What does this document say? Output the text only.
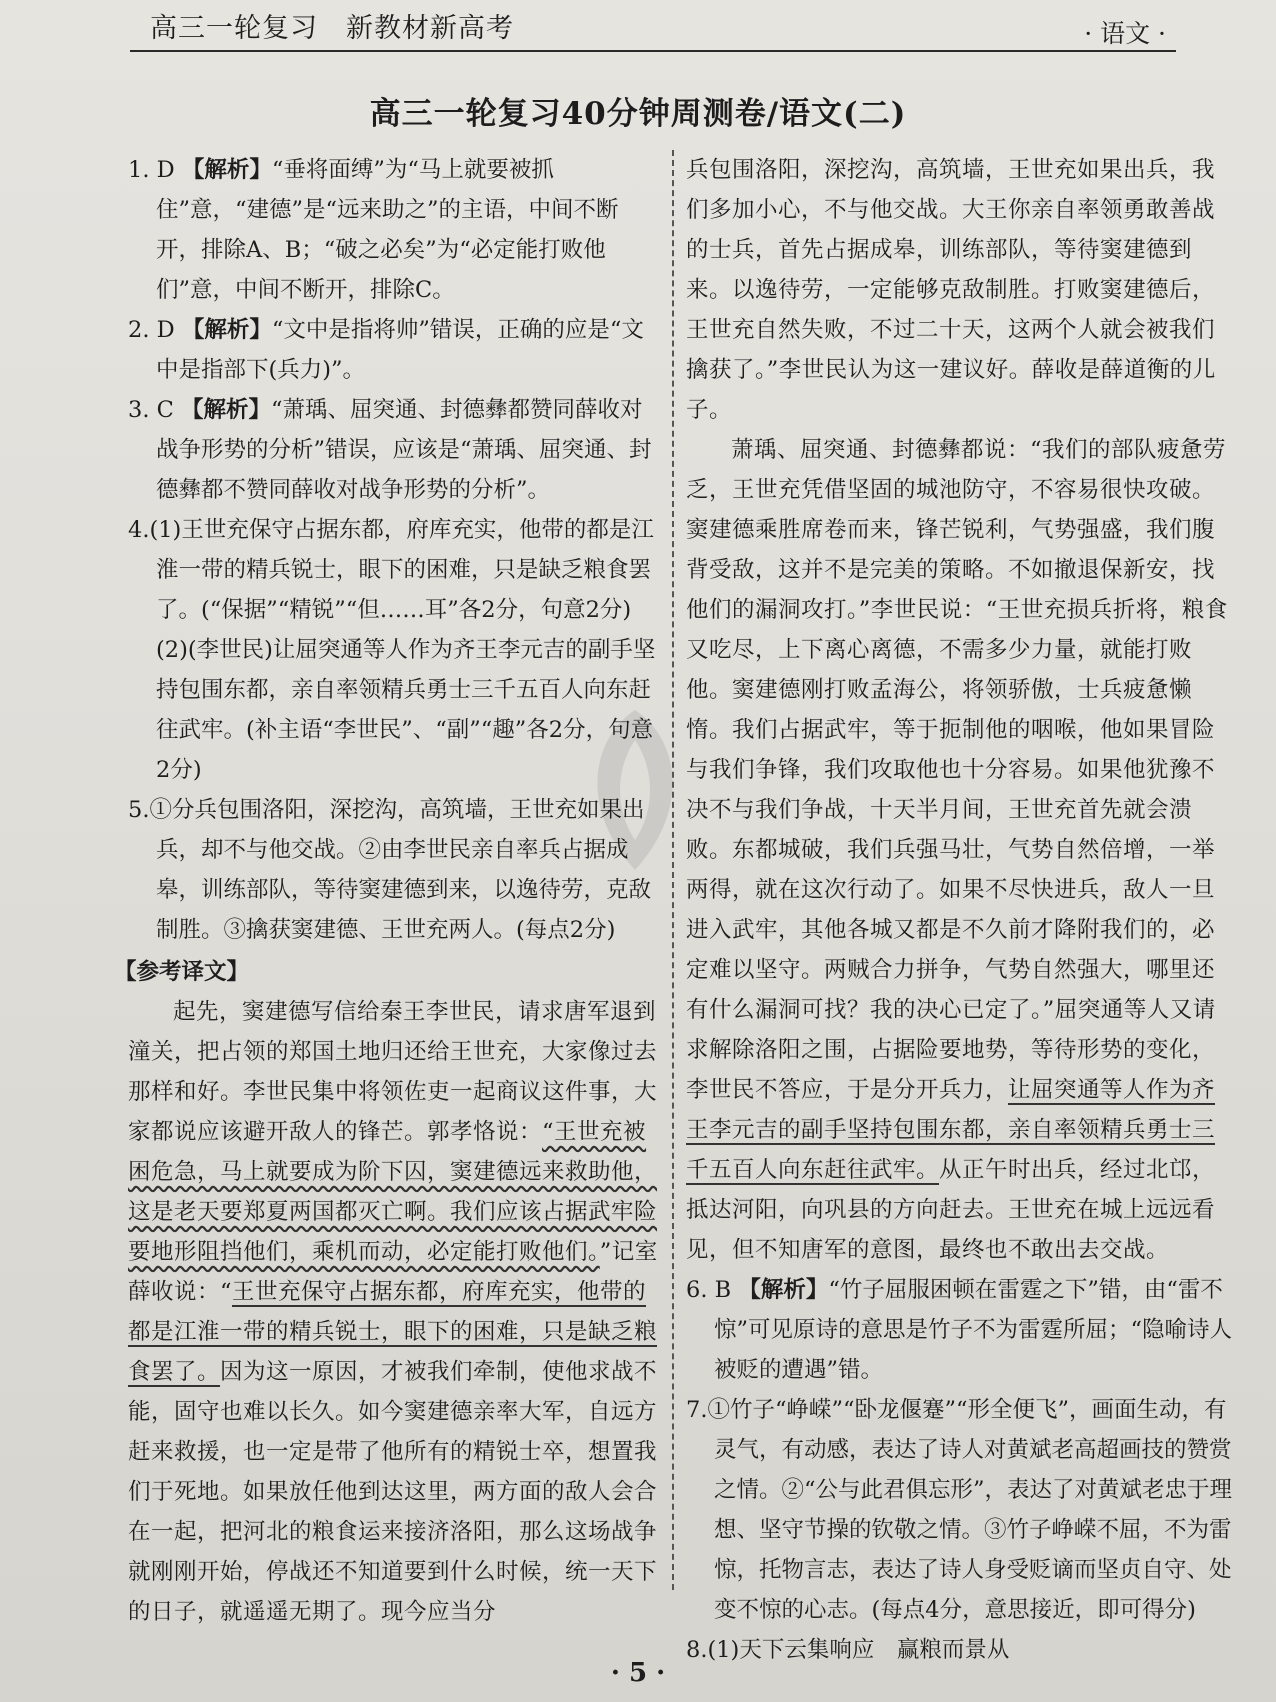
高三一轮复习　新教材新高考	· 语文 ·
高三一轮复习40分钟周测卷/语文(二)

1. D 【解析】“垂将面缚”为“马上就要被抓住”意，“建德”是“远来助之”的主语，中间不断开，排除A、B；“破之必矣”为“必定能打败他们”意，中间不断开，排除C。

2. D 【解析】“文中是指将帅”错误，正确的应是“文中是指部下(兵力)”。

3. C 【解析】“萧瑀、屈突通、封德彝都赞同薛收对战争形势的分析”错误，应该是“萧瑀、屈突通、封德彝都不赞同薛收对战争形势的分析”。

4.(1)王世充保守占据东都，府库充实，他带的都是江淮一带的精兵锐士，眼下的困难，只是缺乏粮食罢了。(“保据”“精锐”“但……耳”各2分，句意2分)

(2)(李世民)让屈突通等人作为齐王李元吉的副手坚持包围东都，亲自率领精兵勇士三千五百人向东赶往武牢。(补主语“李世民”、“副”“趣”各2分，句意2分)

5.①分兵包围洛阳，深挖沟，高筑墙，王世充如果出兵，却不与他交战。②由李世民亲自率兵占据成皋，训练部队，等待窦建德到来，以逸待劳，克敌制胜。③擒获窦建德、王世充两人。(每点2分)

【参考译文】

起先，窦建德写信给秦王李世民，请求唐军退到潼关，把占领的郑国土地归还给王世充，大家像过去那样和好。李世民集中将领佐吏一起商议这件事，大家都说应该避开敌人的锋芒。郭孝恪说：“王世充被困危急，马上就要成为阶下囚，窦建德远来救助他，这是老天要郑夏两国都灭亡啊。我们应该占据武牢险要地形阻挡他们，乘机而动，必定能打败他们。”记室薛收说：“王世充保守占据东都，府库充实，他带的都是江淮一带的精兵锐士，眼下的困难，只是缺乏粮食罢了。因为这一原因，才被我们牵制，使他求战不能，固守也难以长久。如今窦建德亲率大军，自远方赶来救援，也一定是带了他所有的精锐士卒，想置我们于死地。如果放任他到达这里，两方面的敌人会合在一起，把河北的粮食运来接济洛阳，那么这场战争就刚刚开始，停战还不知道要到什么时候，统一天下的日子，就遥遥无期了。现今应当分

兵包围洛阳，深挖沟，高筑墙，王世充如果出兵，我们多加小心，不与他交战。大王你亲自率领勇敢善战的士兵，首先占据成皋，训练部队，等待窦建德到来。以逸待劳，一定能够克敌制胜。打败窦建德后，王世充自然失败，不过二十天，这两个人就会被我们擒获了。”李世民认为这一建议好。薛收是薛道衡的儿子。

萧瑀、屈突通、封德彝都说：“我们的部队疲惫劳乏，王世充凭借坚固的城池防守，不容易很快攻破。窦建德乘胜席卷而来，锋芒锐利，气势强盛，我们腹背受敌，这并不是完美的策略。不如撤退保新安，找他们的漏洞攻打。”李世民说：“王世充损兵折将，粮食又吃尽，上下离心离德，不需多少力量，就能打败他。窦建德刚打败孟海公，将领骄傲，士兵疲惫懒惰。我们占据武牢，等于扼制他的咽喉，他如果冒险与我们争锋，我们攻取他也十分容易。如果他犹豫不决不与我们争战，十天半月间，王世充首先就会溃败。东都城破，我们兵强马壮，气势自然倍增，一举两得，就在这次行动了。如果不尽快进兵，敌人一旦进入武牢，其他各城又都是不久前才降附我们的，必定难以坚守。两贼合力拼争，气势自然强大，哪里还有什么漏洞可找？我的决心已定了。”屈突通等人又请求解除洛阳之围，占据险要地势，等待形势的变化，李世民不答应，于是分开兵力，让屈突通等人作为齐王李元吉的副手坚持包围东都，亲自率领精兵勇士三千五百人向东赶往武牢。从正午时出兵，经过北邙，抵达河阳，向巩县的方向赶去。王世充在城上远远看见，但不知唐军的意图，最终也不敢出去交战。

6. B 【解析】“竹子屈服困顿在雷霆之下”错，由“雷不惊”可见原诗的意思是竹子不为雷霆所屈；“隐喻诗人被贬的遭遇”错。

7.①竹子“峥嵘”“卧龙偃蹇”“形全便飞”，画面生动，有灵气，有动感，表达了诗人对黄斌老高超画技的赞赏之情。②“公与此君俱忘形”，表达了对黄斌老忠于理想、坚守节操的钦敬之情。③竹子峥嵘不屈，不为雷惊，托物言志，表达了诗人身受贬谪而坚贞自守、处变不惊的心志。(每点4分，意思接近，即可得分)

8.(1)天下云集响应　赢粮而景从

· 5 ·
